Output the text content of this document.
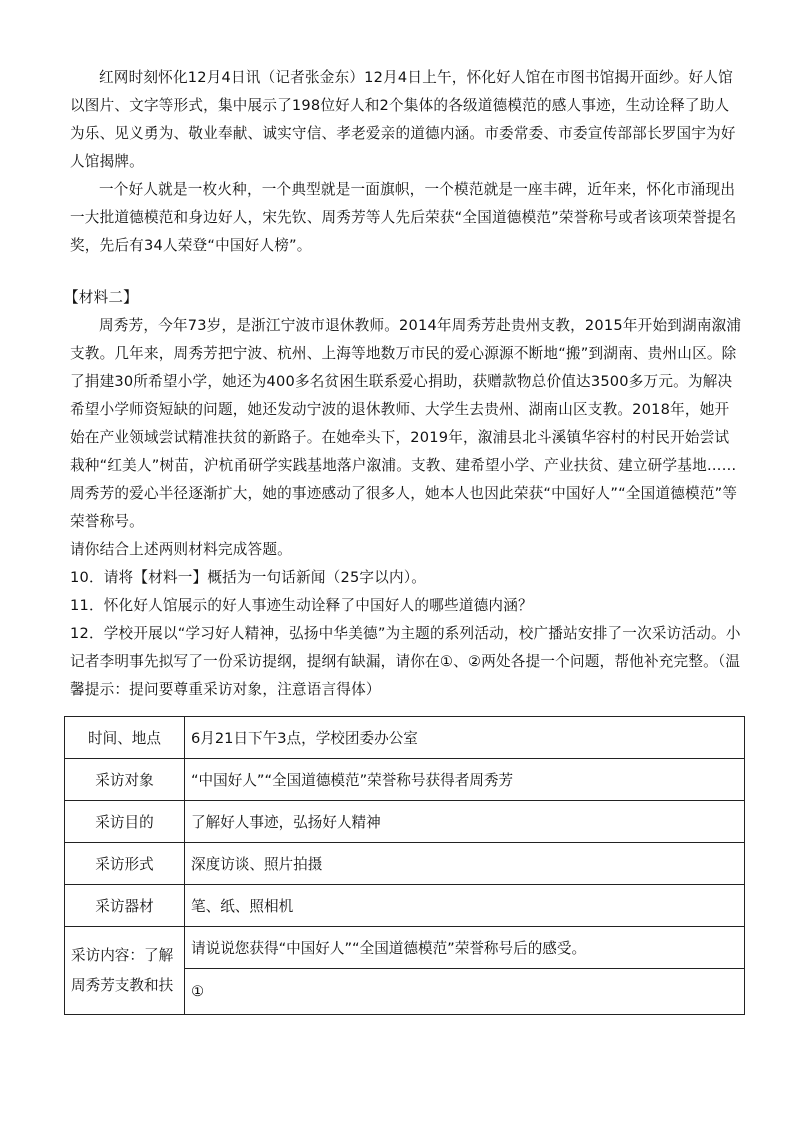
红网时刻怀化12月4日讯（记者张金东）12月4日上午，怀化好人馆在市图书馆揭开面纱。好人馆以图片、文字等形式，集中展示了198位好人和2个集体的各级道德模范的感人事迹，生动诠释了助人为乐、见义勇为、敬业奉献、诚实守信、孝老爱亲的道德内涵。市委常委、市委宣传部部长罗国宇为好人馆揭牌。

一个好人就是一枚火种，一个典型就是一面旗帜，一个模范就是一座丰碑，近年来，怀化市涌现出一大批道德模范和身边好人，宋先钦、周秀芳等人先后荣获“全国道德模范”荣誉称号或者该项荣誉提名奖，先后有34人荣登“中国好人榜”。

【材料二】

周秀芳，今年73岁，是浙江宁波市退休教师。2014年周秀芳赴贵州支教，2015年开始到湖南溆浦支教。几年来，周秀芳把宁波、杭州、上海等地数万市民的爱心源源不断地“搬”到湖南、贵州山区。除了捐建30所希望小学，她还为400多名贫困生联系爱心捐助，获赠款物总价值达3500多万元。为解决希望小学师资短缺的问题，她还发动宁波的退休教师、大学生去贵州、湖南山区支教。2018年，她开始在产业领域尝试精准扶贫的新路子。在她牵头下，2019年，溆浦县北斗溪镇华容村的村民开始尝试栽种“红美人”树苗，沪杭甬研学实践基地落户溆浦。支教、建希望小学、产业扶贫、建立研学基地……周秀芳的爱心半径逐渐扩大，她的事迹感动了很多人，她本人也因此荣获“中国好人”“全国道德模范”等荣誉称号。

请你结合上述两则材料完成答题。

10．请将【材料一】概括为一句话新闻（25字以内）。

11．怀化好人馆展示的好人事迹生动诠释了中国好人的哪些道德内涵？

12．学校开展以“学习好人精神，弘扬中华美德”为主题的系列活动，校广播站安排了一次采访活动。小记者李明事先拟写了一份采访提纲，提纲有缺漏，请你在①、②两处各提一个问题，帮他补充完整。（温馨提示：提问要尊重采访对象，注意语言得体）

时间、地点	6月21日下午3点，学校团委办公室
采访对象	“中国好人”“全国道德模范”荣誉称号获得者周秀芳
采访目的	了解好人事迹，弘扬好人精神
采访形式	深度访谈、照片拍摄
采访器材	笔、纸、照相机
采访内容：了解周秀芳支教和扶	请说说您获得“中国好人”“全国道德模范”荣誉称号后的感受。
	①
